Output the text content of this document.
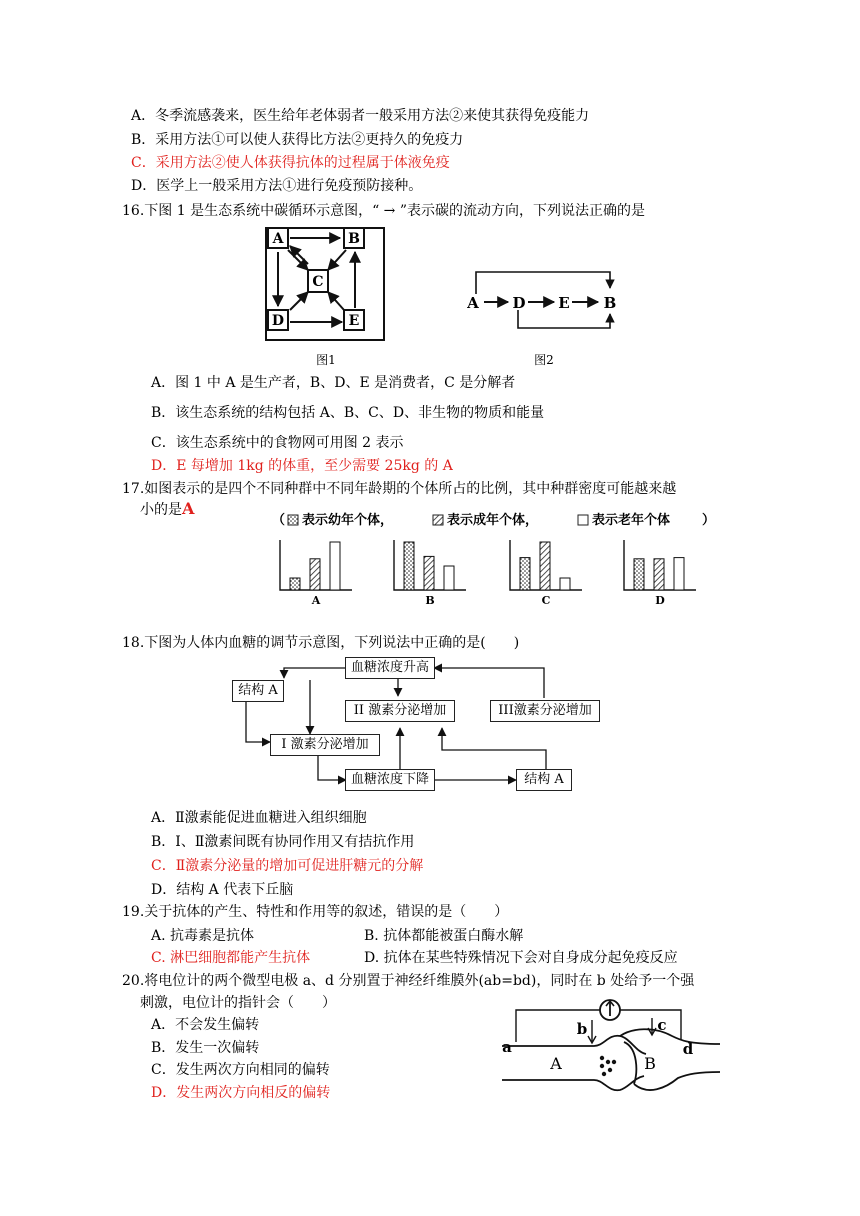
A．冬季流感袭来，医生给年老体弱者一般采用方法②来使其获得免疫能力
B．采用方法①可以使人获得比方法②更持久的免疫力
C．采用方法②使人体获得抗体的过程属于体液免疫
D．医学上一般采用方法①进行免疫预防接种。
16.下图 1 是生态系统中碳循环示意图，“ → ”表示碳的流动方向，下列说法正确的是
A	B
C
D	E
图1
A D E B
图2
A．图 1 中 A 是生产者，B、D、E 是消费者，C 是分解者
B．该生态系统的结构包括 A、B、C、D、非生物的物质和能量
C．该生态系统中的食物网可用图 2 表示
D．E 每增加 1kg 的体重，至少需要 25kg 的 A
17.如图表示的是四个不同种群中不同年龄期的个体所占的比例，其中种群密度可能越来越
小的是A
（ 表示幼年个体，	表示成年个体，	表示老年个体 ）
A	B	C	D
18.下图为人体内血糖的调节示意图，下列说法中正确的是(　　)
血糖浓度升高
结构 A
II 激素分泌增加	III激素分泌增加
I 激素分泌增加
血糖浓度下降	结构 A
A．Ⅱ激素能促进血糖进入组织细胞
B．Ⅰ、Ⅱ激素间既有协同作用又有拮抗作用
C．Ⅱ激素分泌量的增加可促进肝糖元的分解
D．结构 A 代表下丘脑
19.关于抗体的产生、特性和作用等的叙述，错误的是（　　）
A. 抗毒素是抗体	B. 抗体都能被蛋白酶水解
C. 淋巴细胞都能产生抗体	D. 抗体在某些特殊情况下会对自身成分起免疫反应
20.将电位计的两个微型电极 a、d 分别置于神经纤维膜外(ab=bd)，同时在 b 处给予一个强
刺激，电位计的指针会（　　）
A．不会发生偏转
B．发生一次偏转
C．发生两次方向相同的偏转
D．发生两次方向相反的偏转
a
b	c
d
A	B
